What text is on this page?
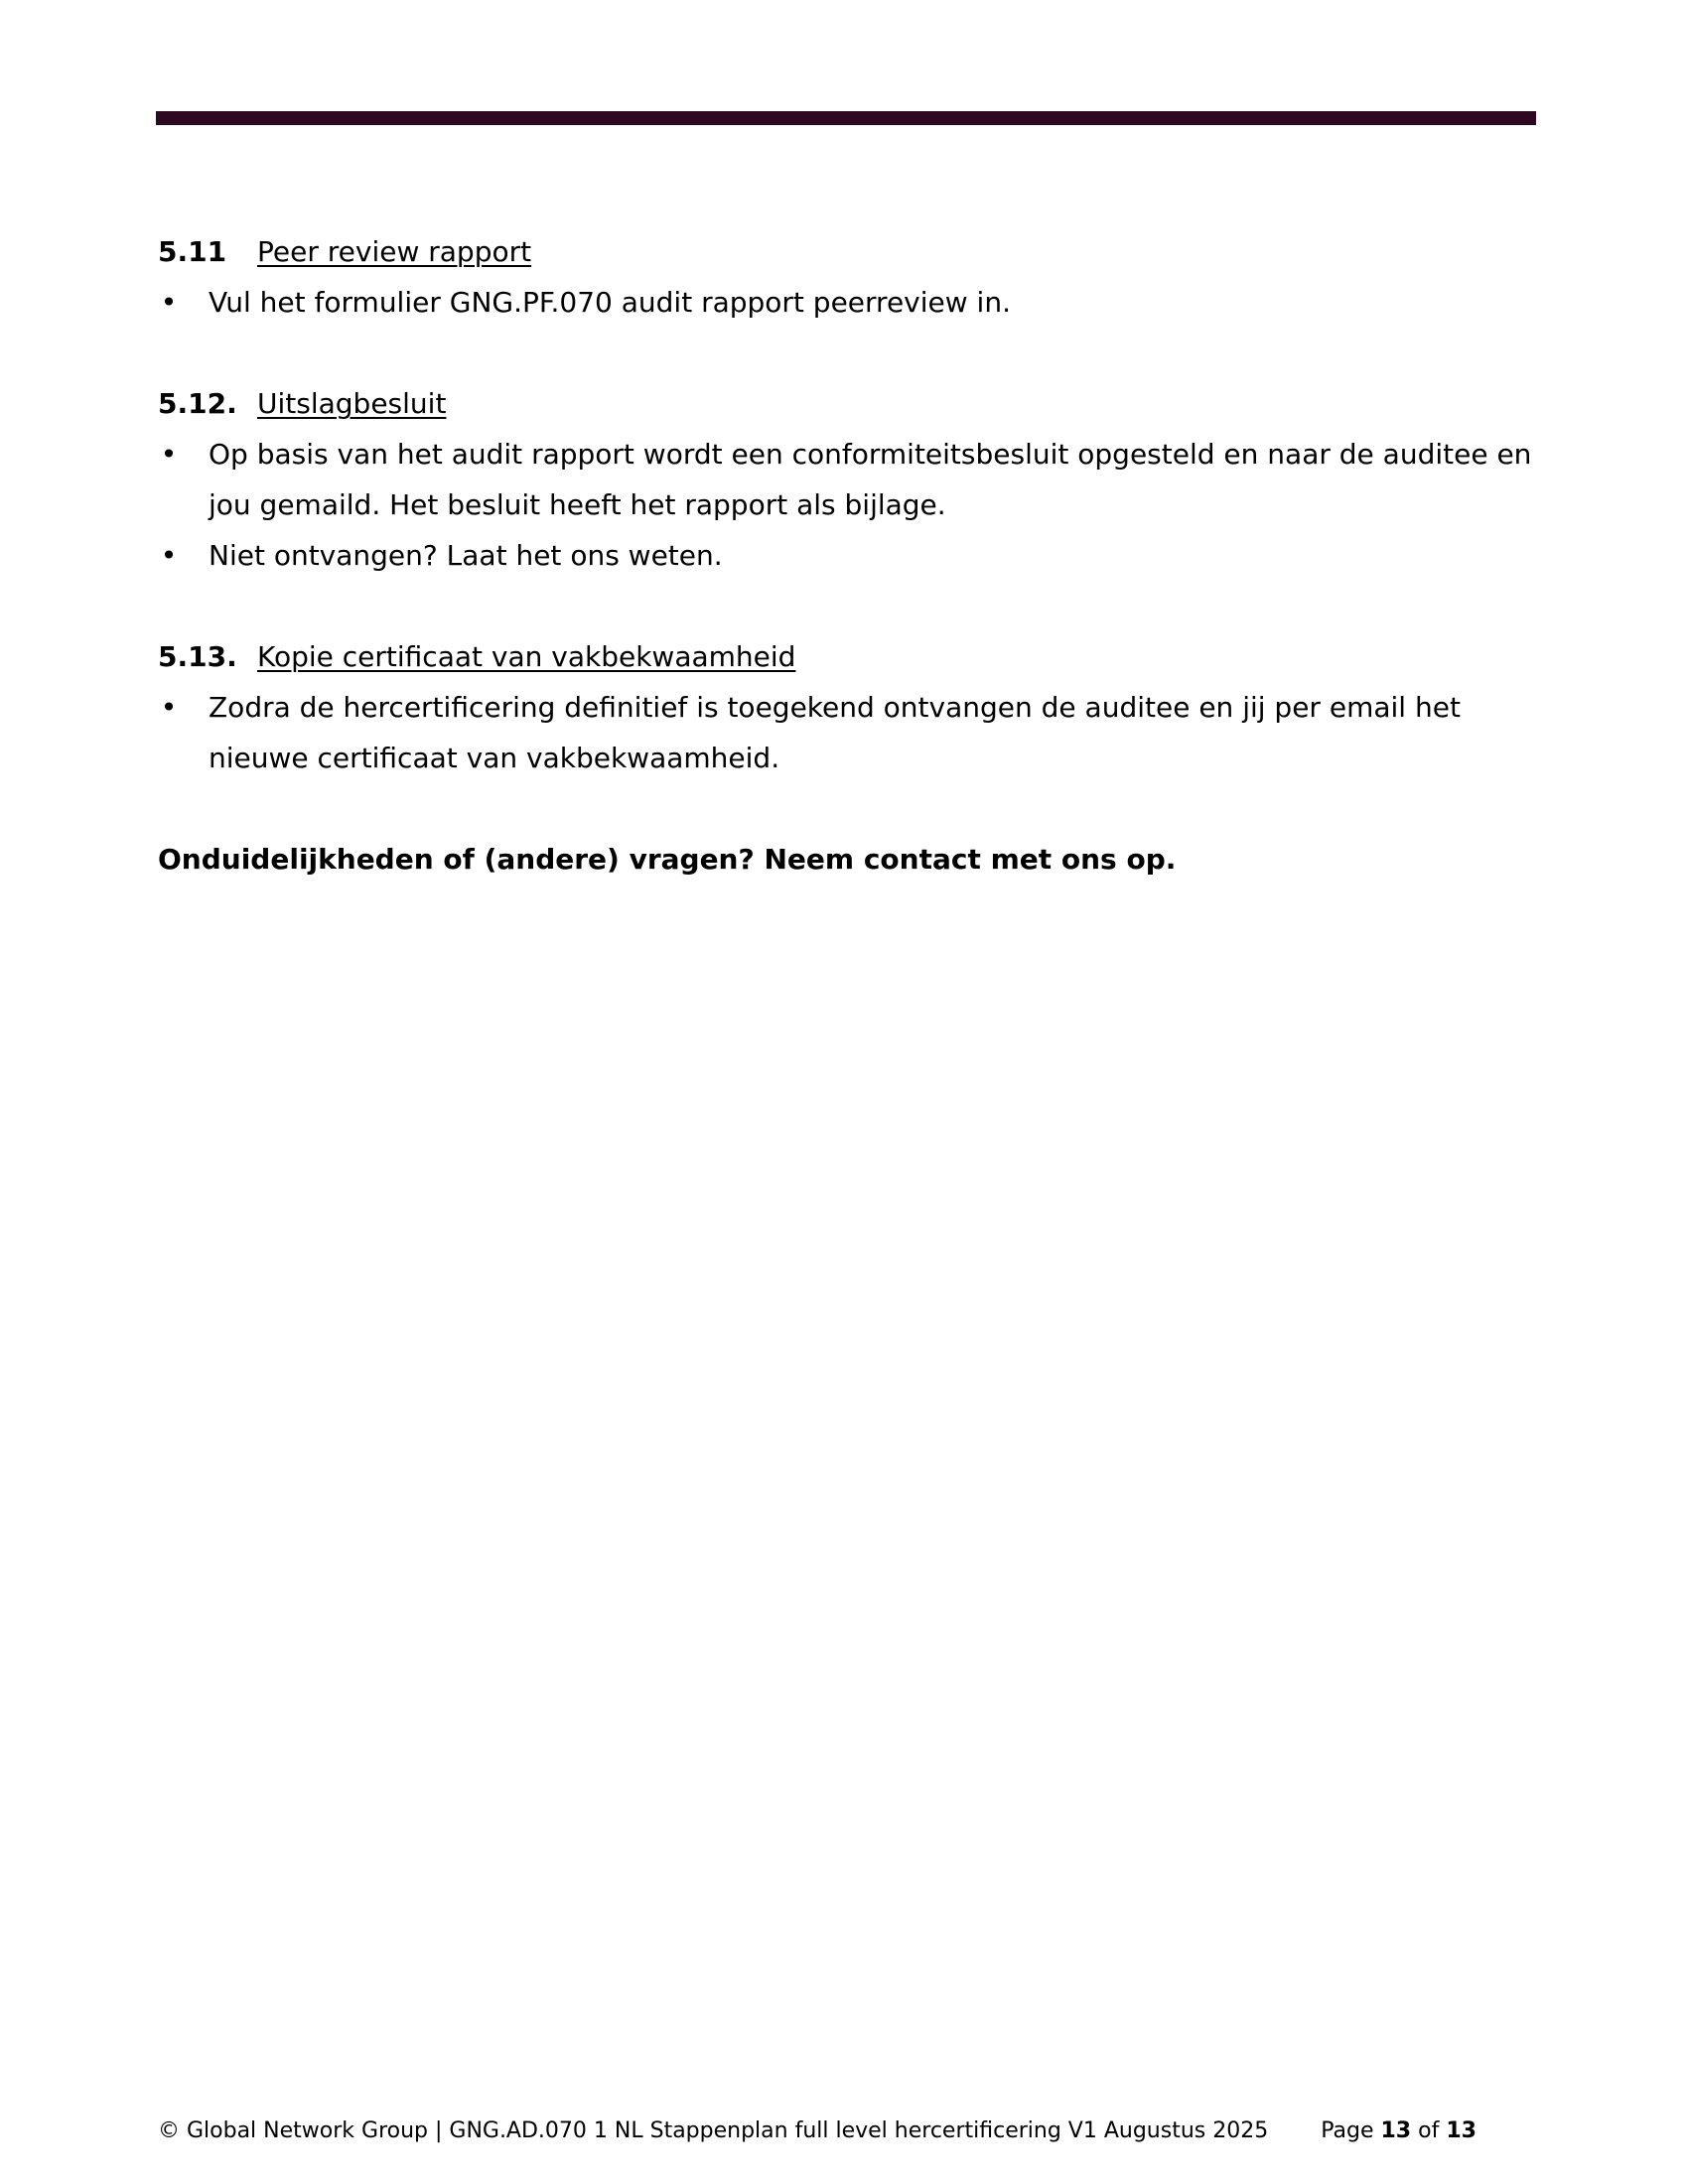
5.11	Peer review rapport
• Vul het formulier GNG.PF.070 audit rapport peerreview in.
5.12. Uitslagbesluit
• Op basis van het audit rapport wordt een conformiteitsbesluit opgesteld en naar de auditee en jou gemaild. Het besluit heeft het rapport als bijlage.
• Niet ontvangen? Laat het ons weten.
5.13. Kopie certificaat van vakbekwaamheid
• Zodra de hercertificering definitief is toegekend ontvangen de auditee en jij per email het nieuwe certificaat van vakbekwaamheid.
Onduidelijkheden of (andere) vragen? Neem contact met ons op.
© Global Network Group | GNG.AD.070 1 NL Stappenplan full level hercertificering V1 Augustus 2025 Page 13 of 13
